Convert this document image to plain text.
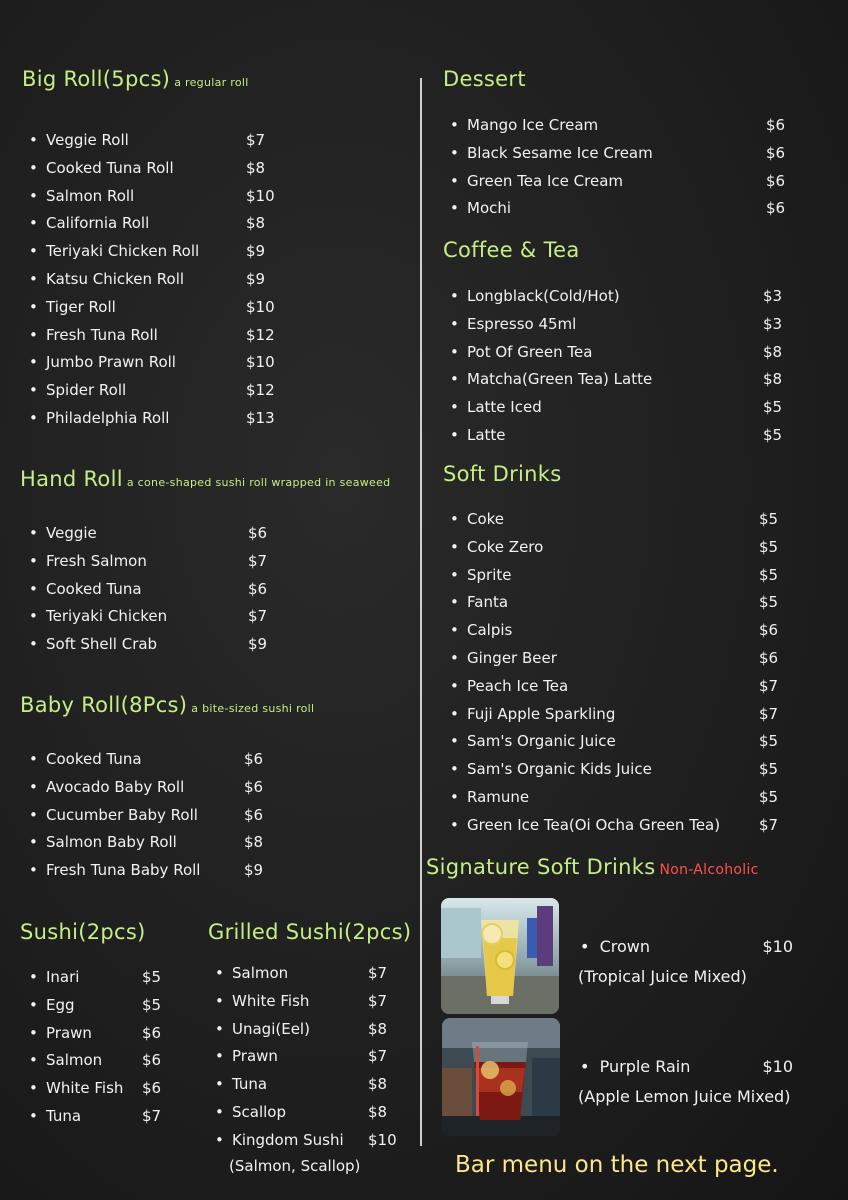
Big Roll(5pcs) a regular roll
• Veggie Roll	$7
• Cooked Tuna Roll	$8
• Salmon Roll	$10
• California Roll	$8
• Teriyaki Chicken Roll	$9
• Katsu Chicken Roll	$9
• Tiger Roll	$10
• Fresh Tuna Roll	$12
• Jumbo Prawn Roll	$10
• Spider Roll	$12
• Philadelphia Roll	$13
Hand Roll a cone-shaped sushi roll wrapped in seaweed
• Veggie	$6
• Fresh Salmon	$7
• Cooked Tuna	$6
• Teriyaki Chicken	$7
• Soft Shell Crab	$9
Baby Roll(8Pcs) a bite-sized sushi roll
• Cooked Tuna	$6
• Avocado Baby Roll	$6
• Cucumber Baby Roll	$6
• Salmon Baby Roll	$8
• Fresh Tuna Baby Roll	$9
Sushi(2pcs)
• Inari	$5
• Egg	$5
• Prawn	$6
• Salmon	$6
• White Fish $6
• Tuna	$7
Grilled Sushi(2pcs)
• Salmon	$7
• White Fish	$7
• Unagi(Eel)	$8
• Prawn	$7
• Tuna	$8
• Scallop	$8
• Kingdom Sushi $10
(Salmon, Scallop)
Dessert
• Mango Ice Cream	$6
• Black Sesame Ice Cream	$6
• Green Tea Ice Cream	$6
• Mochi	$6
Coffee & Tea
• Longblack(Cold/Hot)	$3
• Espresso 45ml	$3
• Pot Of Green Tea	$8
• Matcha(Green Tea) Latte	$8
• Latte Iced	$5
• Latte	$5
Soft Drinks
• Coke	$5
• Coke Zero	$5
• Sprite	$5
• Fanta	$5
• Calpis	$6
• Ginger Beer	$6
• Peach Ice Tea	$7
• Fuji Apple Sparkling	$7
• Sam's Organic Juice	$5
• Sam's Organic Kids Juice	$5
• Ramune	$5
• Green Ice Tea(Oi Ocha Green Tea)	$7
Signature Soft Drinks Non-Alcoholic
•  Crown	$10
(Tropical Juice Mixed)
•  Purple Rain	$10
(Apple Lemon Juice Mixed)
Bar menu on the next page.
